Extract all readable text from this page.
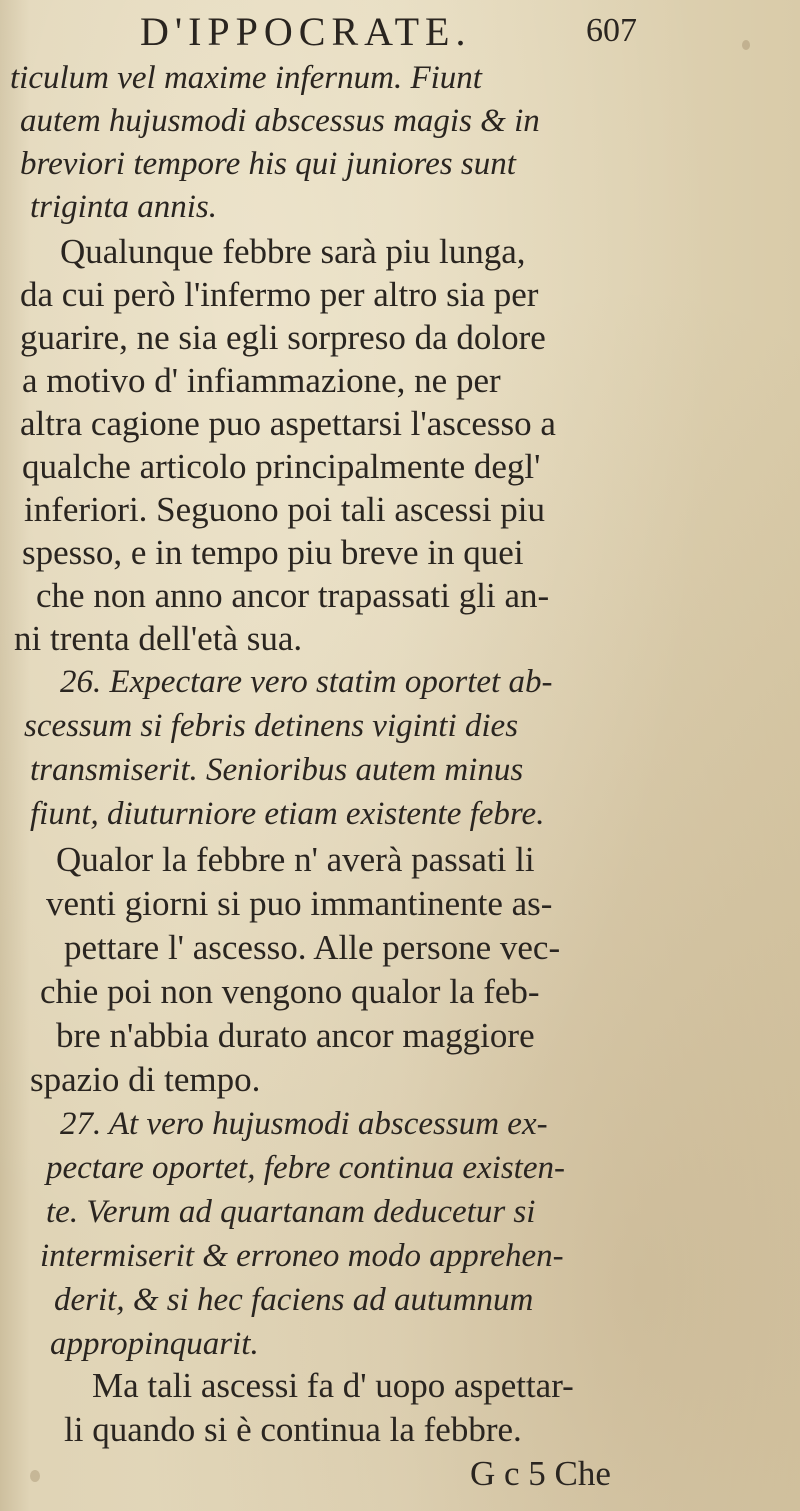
D'IPPOCRATE.	607
ticulum vel maxime infernum. Fiunt
autem hujusmodi abscessus magis & in
breviori tempore his qui juniores sunt
triginta annis.
Qualunque febbre sarà piu lunga,
da cui però l'infermo per altro sia per
guarire, ne sia egli sorpreso da dolore
a motivo d' infiammazione, ne per
altra cagione puo aspettarsi l'ascesso a
qualche articolo principalmente degl'
inferiori. Seguono poi tali ascessi piu
spesso, e in tempo piu breve in quei
che non anno ancor trapassati gli an-
ni trenta dell'età sua.
26. Expectare vero statim oportet ab-
scessum si febris detinens viginti dies
transmiserit. Senioribus autem minus
fiunt, diuturniore etiam existente febre.
Qualor la febbre n' averà passati li
venti giorni si puo immantinente as-
pettare l' ascesso. Alle persone vec-
chie poi non vengono qualor la feb-
bre n'abbia durato ancor maggiore
spazio di tempo.
27. At vero hujusmodi abscessum ex-
pectare oportet, febre continua existen-
te. Verum ad quartanam deducetur si
intermiserit & erroneo modo apprehen-
derit, & si hec faciens ad autumnum
appropinquarit.
Ma tali ascessi fa d' uopo aspettar-
li quando si è continua la febbre.
G c 5 Che
